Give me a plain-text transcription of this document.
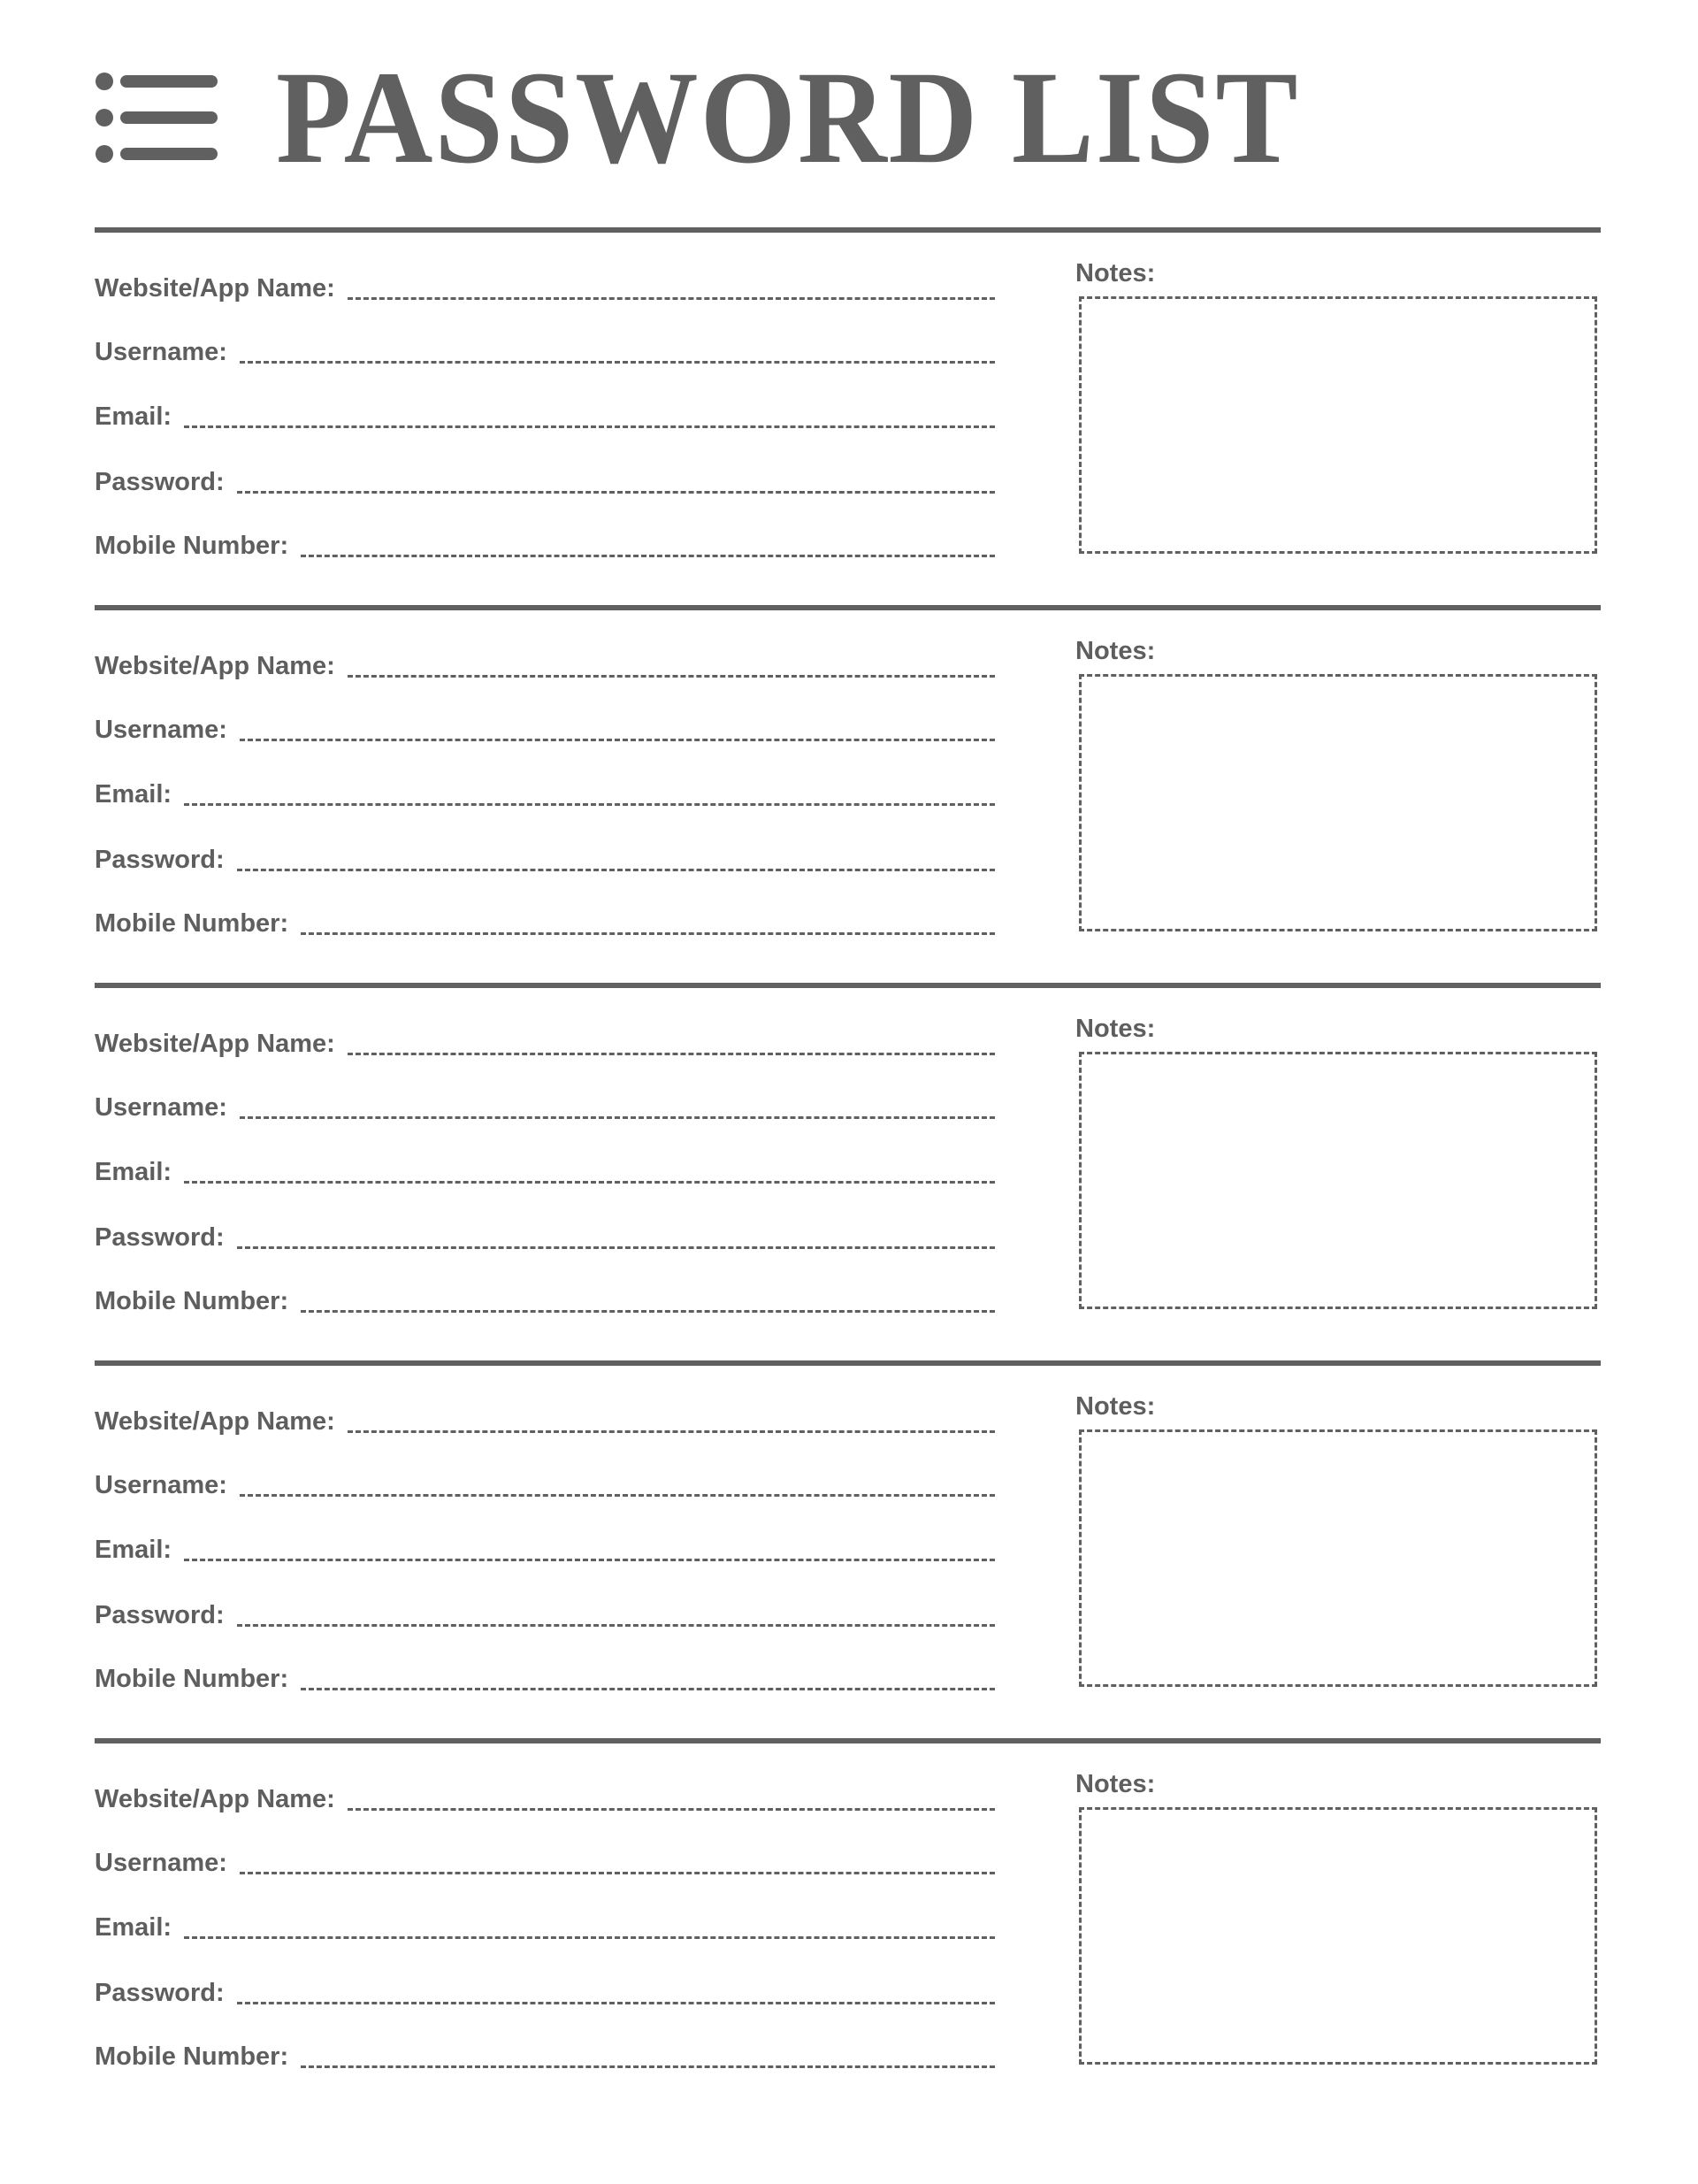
PASSWORD LIST
Website/App Name:
Username:
Email:
Password:
Mobile Number:
Notes:
Website/App Name:
Username:
Email:
Password:
Mobile Number:
Notes:
Website/App Name:
Username:
Email:
Password:
Mobile Number:
Notes:
Website/App Name:
Username:
Email:
Password:
Mobile Number:
Notes:
Website/App Name:
Username:
Email:
Password:
Mobile Number:
Notes:
